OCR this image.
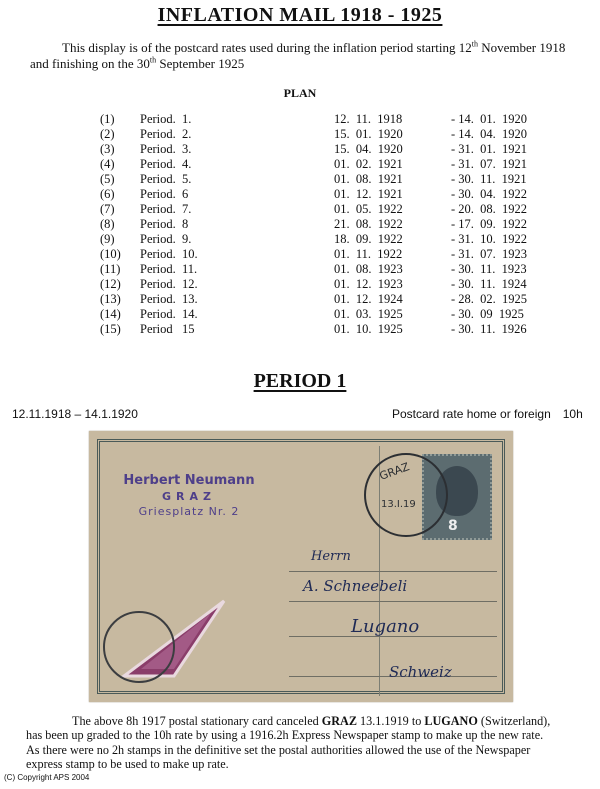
INFLATION MAIL 1918 - 1925
This display is of the postcard rates used during the inflation period starting 12th November 1918
and finishing on the 30th September 1925
PLAN
(1) Period.  1.	12.  11.  1918	- 14.  01.  1920
(2) Period.  2.	15.  01.  1920	- 14.  04.  1920
(3) Period.  3.	15.  04.  1920	- 31.  01.  1921
(4) Period.  4.	01.  02.  1921	- 31.  07.  1921
(5) Period.  5.	01.  08.  1921	- 30.  11.  1921
(6) Period.  6	01.  12.  1921	- 30.  04.  1922
(7) Period.  7.	01.  05.  1922	- 20.  08.  1922
(8) Period.  8	21.  08.  1922	- 17.  09.  1922
(9) Period.  9.	18.  09.  1922	- 31.  10.  1922
(10) Period.  10.	01.  11.  1922	- 31.  07.  1923
(11) Period.  11.	01.  08.  1923	- 30.  11.  1923
(12) Period.  12.	01.  12.  1923	- 30.  11.  1924
(13) Period.  13.	01.  12.  1924	- 28.  02.  1925
(14) Period.  14.	01.  03.  1925	- 30.  09  1925
(15) Period   15	01.  10.  1925	- 30.  11.  1926
PERIOD 1
12.11.1918 – 14.1.1920	Postcard rate home or foreign 10h
Herbert Neumann
GRAZ
Griesplatz Nr. 2
8
GRAZ
13.I.19
Herrn
A. Schneebeli
Lugano
Schweiz

The above 8h 1917 postal stationary card canceled GRAZ 13.1.1919 to LUGANO (Switzerland),

has been up graded to the 10h rate by using a 1916.2h Express Newspaper stamp to make up the new rate.

As there were no 2h stamps in the definitive set the postal authorities allowed the use of the Newspaper

express stamp to be used to make up rate.

(C) Copyright APS 2004
